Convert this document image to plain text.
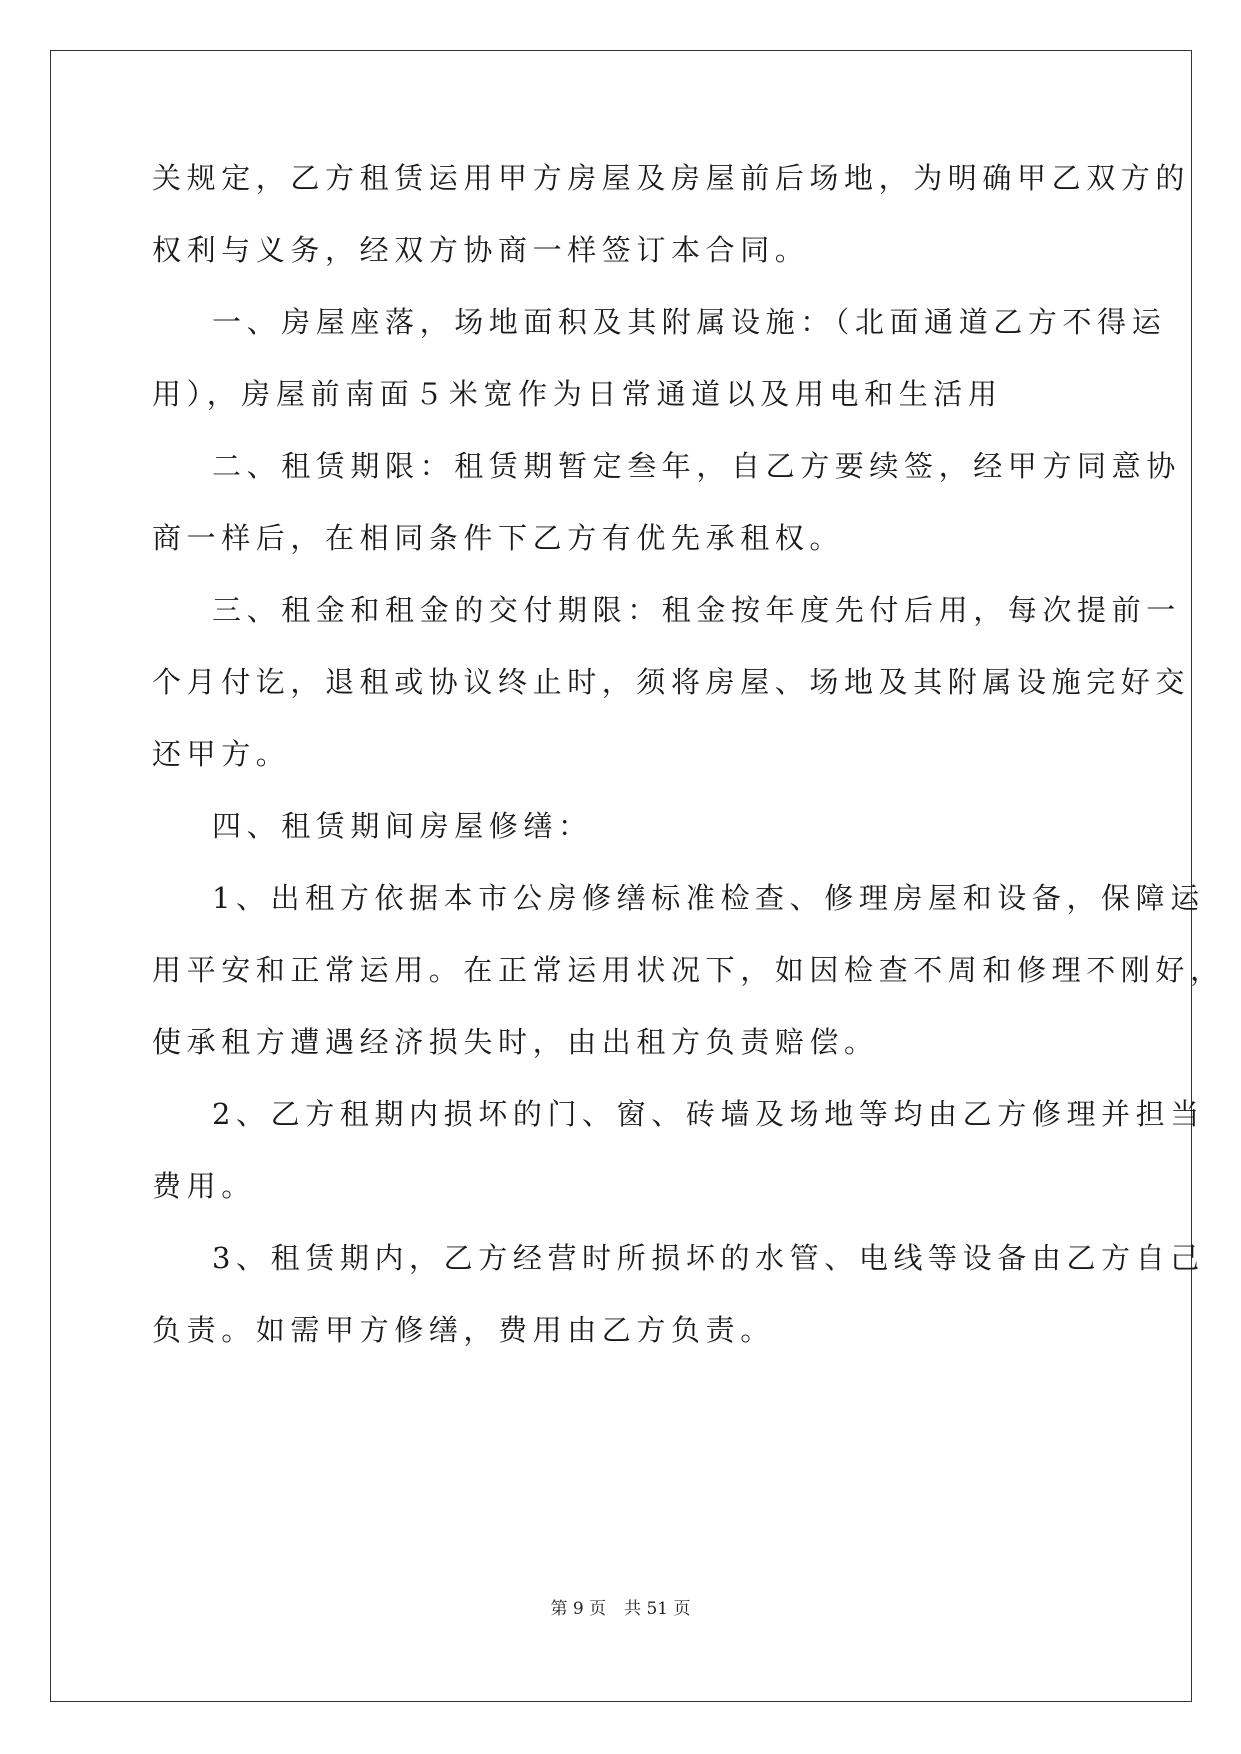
关规定，乙方租赁运用甲方房屋及房屋前后场地，为明确甲乙双方的
权利与义务，经双方协商一样签订本合同。
一、房屋座落，场地面积及其附属设施：（北面通道乙方不得运
用），房屋前南面５米宽作为日常通道以及用电和生活用
二、租赁期限：租赁期暂定叁年，自乙方要续签，经甲方同意协
商一样后，在相同条件下乙方有优先承租权。
三、租金和租金的交付期限：租金按年度先付后用，每次提前一
个月付讫，退租或协议终止时，须将房屋、场地及其附属设施完好交
还甲方。
四、租赁期间房屋修缮：
1、出租方依据本市公房修缮标准检查、修理房屋和设备，保障运
用平安和正常运用。在正常运用状况下，如因检查不周和修理不刚好，
使承租方遭遇经济损失时，由出租方负责赔偿。
2、乙方租期内损坏的门、窗、砖墙及场地等均由乙方修理并担当
费用。
3、租赁期内，乙方经营时所损坏的水管、电线等设备由乙方自己
负责。如需甲方修缮，费用由乙方负责。
第 9 页 共 51 页
